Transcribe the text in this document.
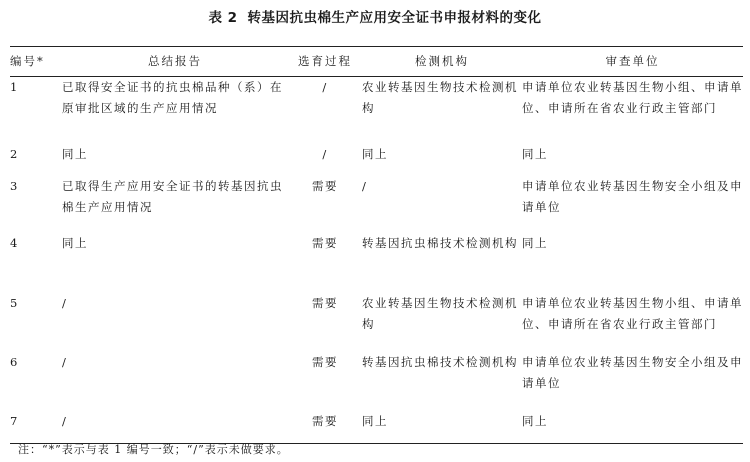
表 2 转基因抗虫棉生产应用安全证书申报材料的变化
编号*	总结报告	选育过程	检测机构	审查单位
1	已取得安全证书的抗虫棉品种（系）在原审批区域的生产应用情况	/	农业转基因生物技术检测机构	申请单位农业转基因生物小组、申请单位、申请所在省农业行政主管部门
2	同上	/	同上	同上
3	已取得生产应用安全证书的转基因抗虫棉生产应用情况	需要	/	申请单位农业转基因生物安全小组及申请单位
4	同上	需要	转基因抗虫棉技术检测机构	同上
5	/	需要	农业转基因生物技术检测机构	申请单位农业转基因生物小组、申请单位、申请所在省农业行政主管部门
6	/	需要	转基因抗虫棉技术检测机构	申请单位农业转基因生物安全小组及申请单位
7	/	需要	同上	同上
注：“*”表示与表 1 编号一致；“/”表示未做要求。
